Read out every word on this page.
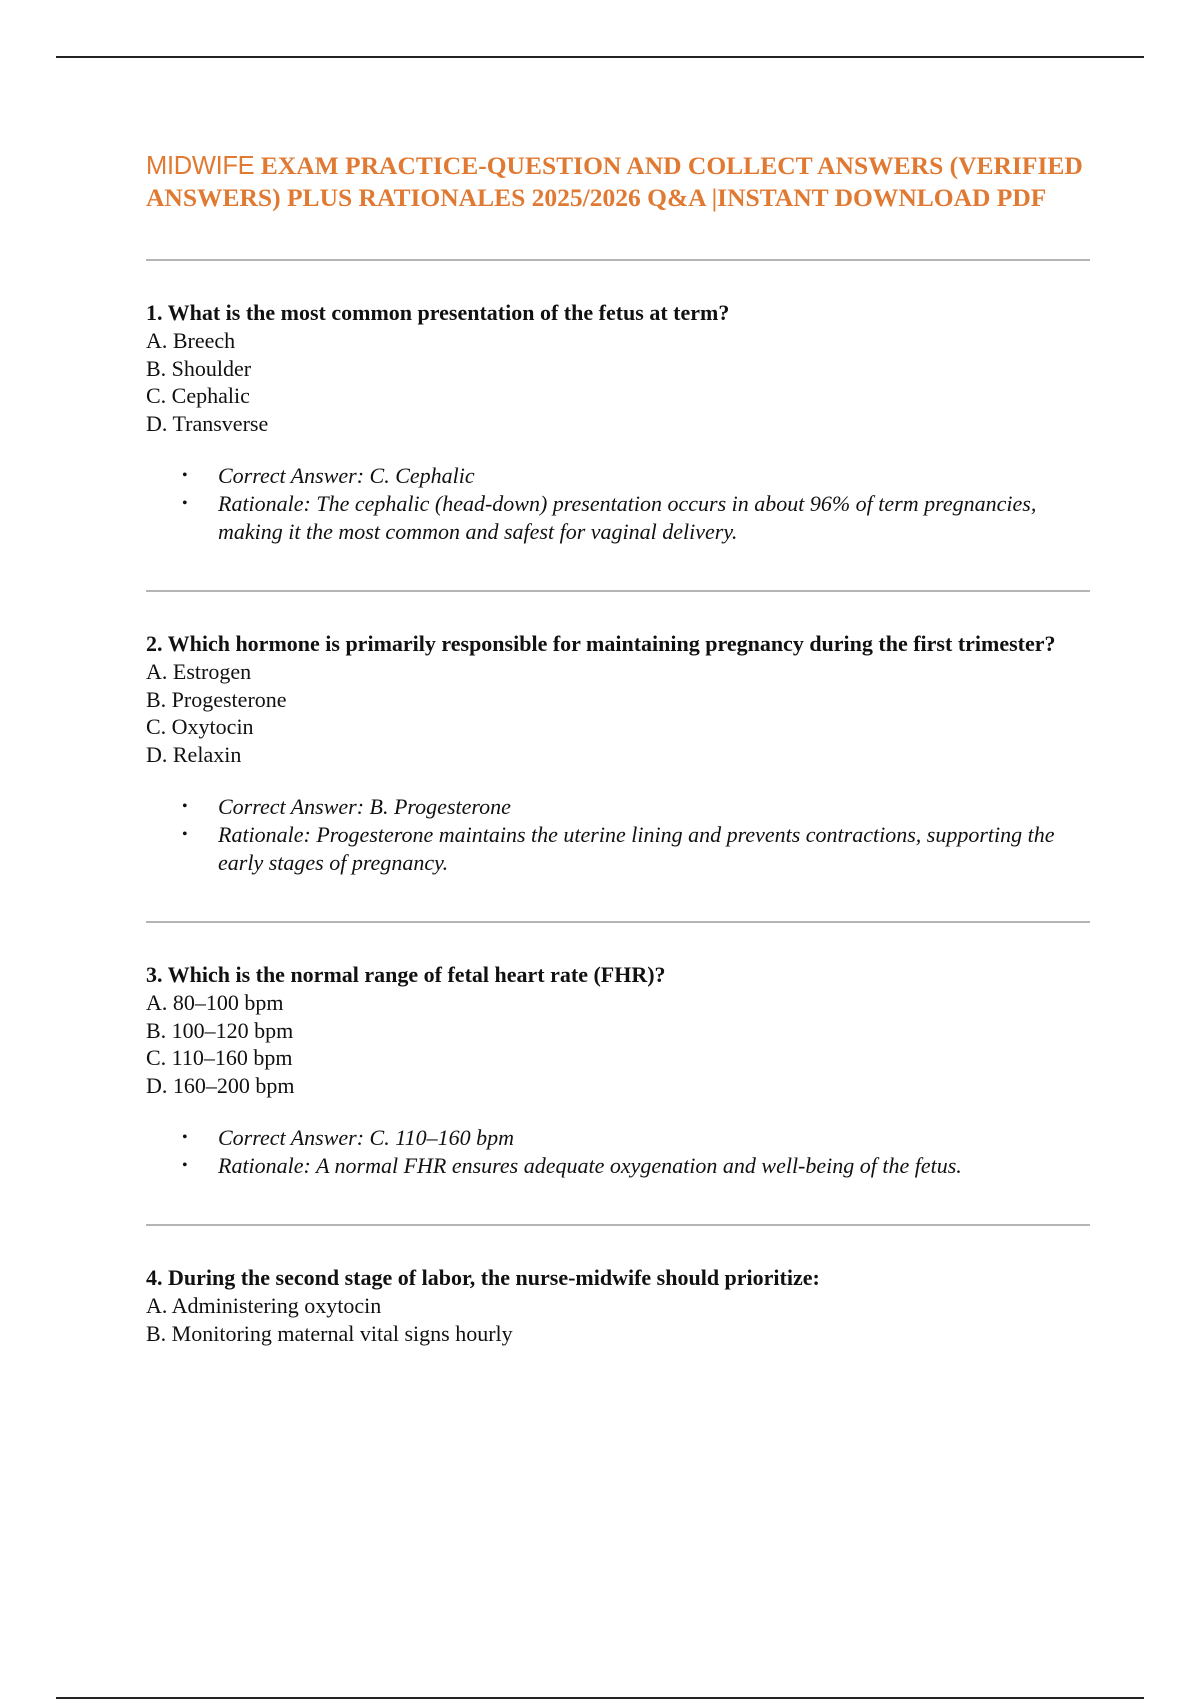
MIDWIFE EXAM PRACTICE-QUESTION AND COLLECT ANSWERS (VERIFIED ANSWERS) PLUS RATIONALES 2025/2026 Q&A |INSTANT DOWNLOAD PDF

1. What is the most common presentation of the fetus at term?

A. Breech
B. Shoulder
C. Cephalic
D. Transverse
• Correct Answer: C. Cephalic
• Rationale: The cephalic (head-down) presentation occurs in about 96% of term pregnancies, making it the most common and safest for vaginal delivery.

2. Which hormone is primarily responsible for maintaining pregnancy during the first trimester?

A. Estrogen
B. Progesterone
C. Oxytocin
D. Relaxin
• Correct Answer: B. Progesterone
• Rationale: Progesterone maintains the uterine lining and prevents contractions, supporting the early stages of pregnancy.

3. Which is the normal range of fetal heart rate (FHR)?

A. 80–100 bpm
B. 100–120 bpm
C. 110–160 bpm
D. 160–200 bpm
• Correct Answer: C. 110–160 bpm
• Rationale: A normal FHR ensures adequate oxygenation and well-being of the fetus.

4. During the second stage of labor, the nurse-midwife should prioritize:

A. Administering oxytocin
B. Monitoring maternal vital signs hourly
